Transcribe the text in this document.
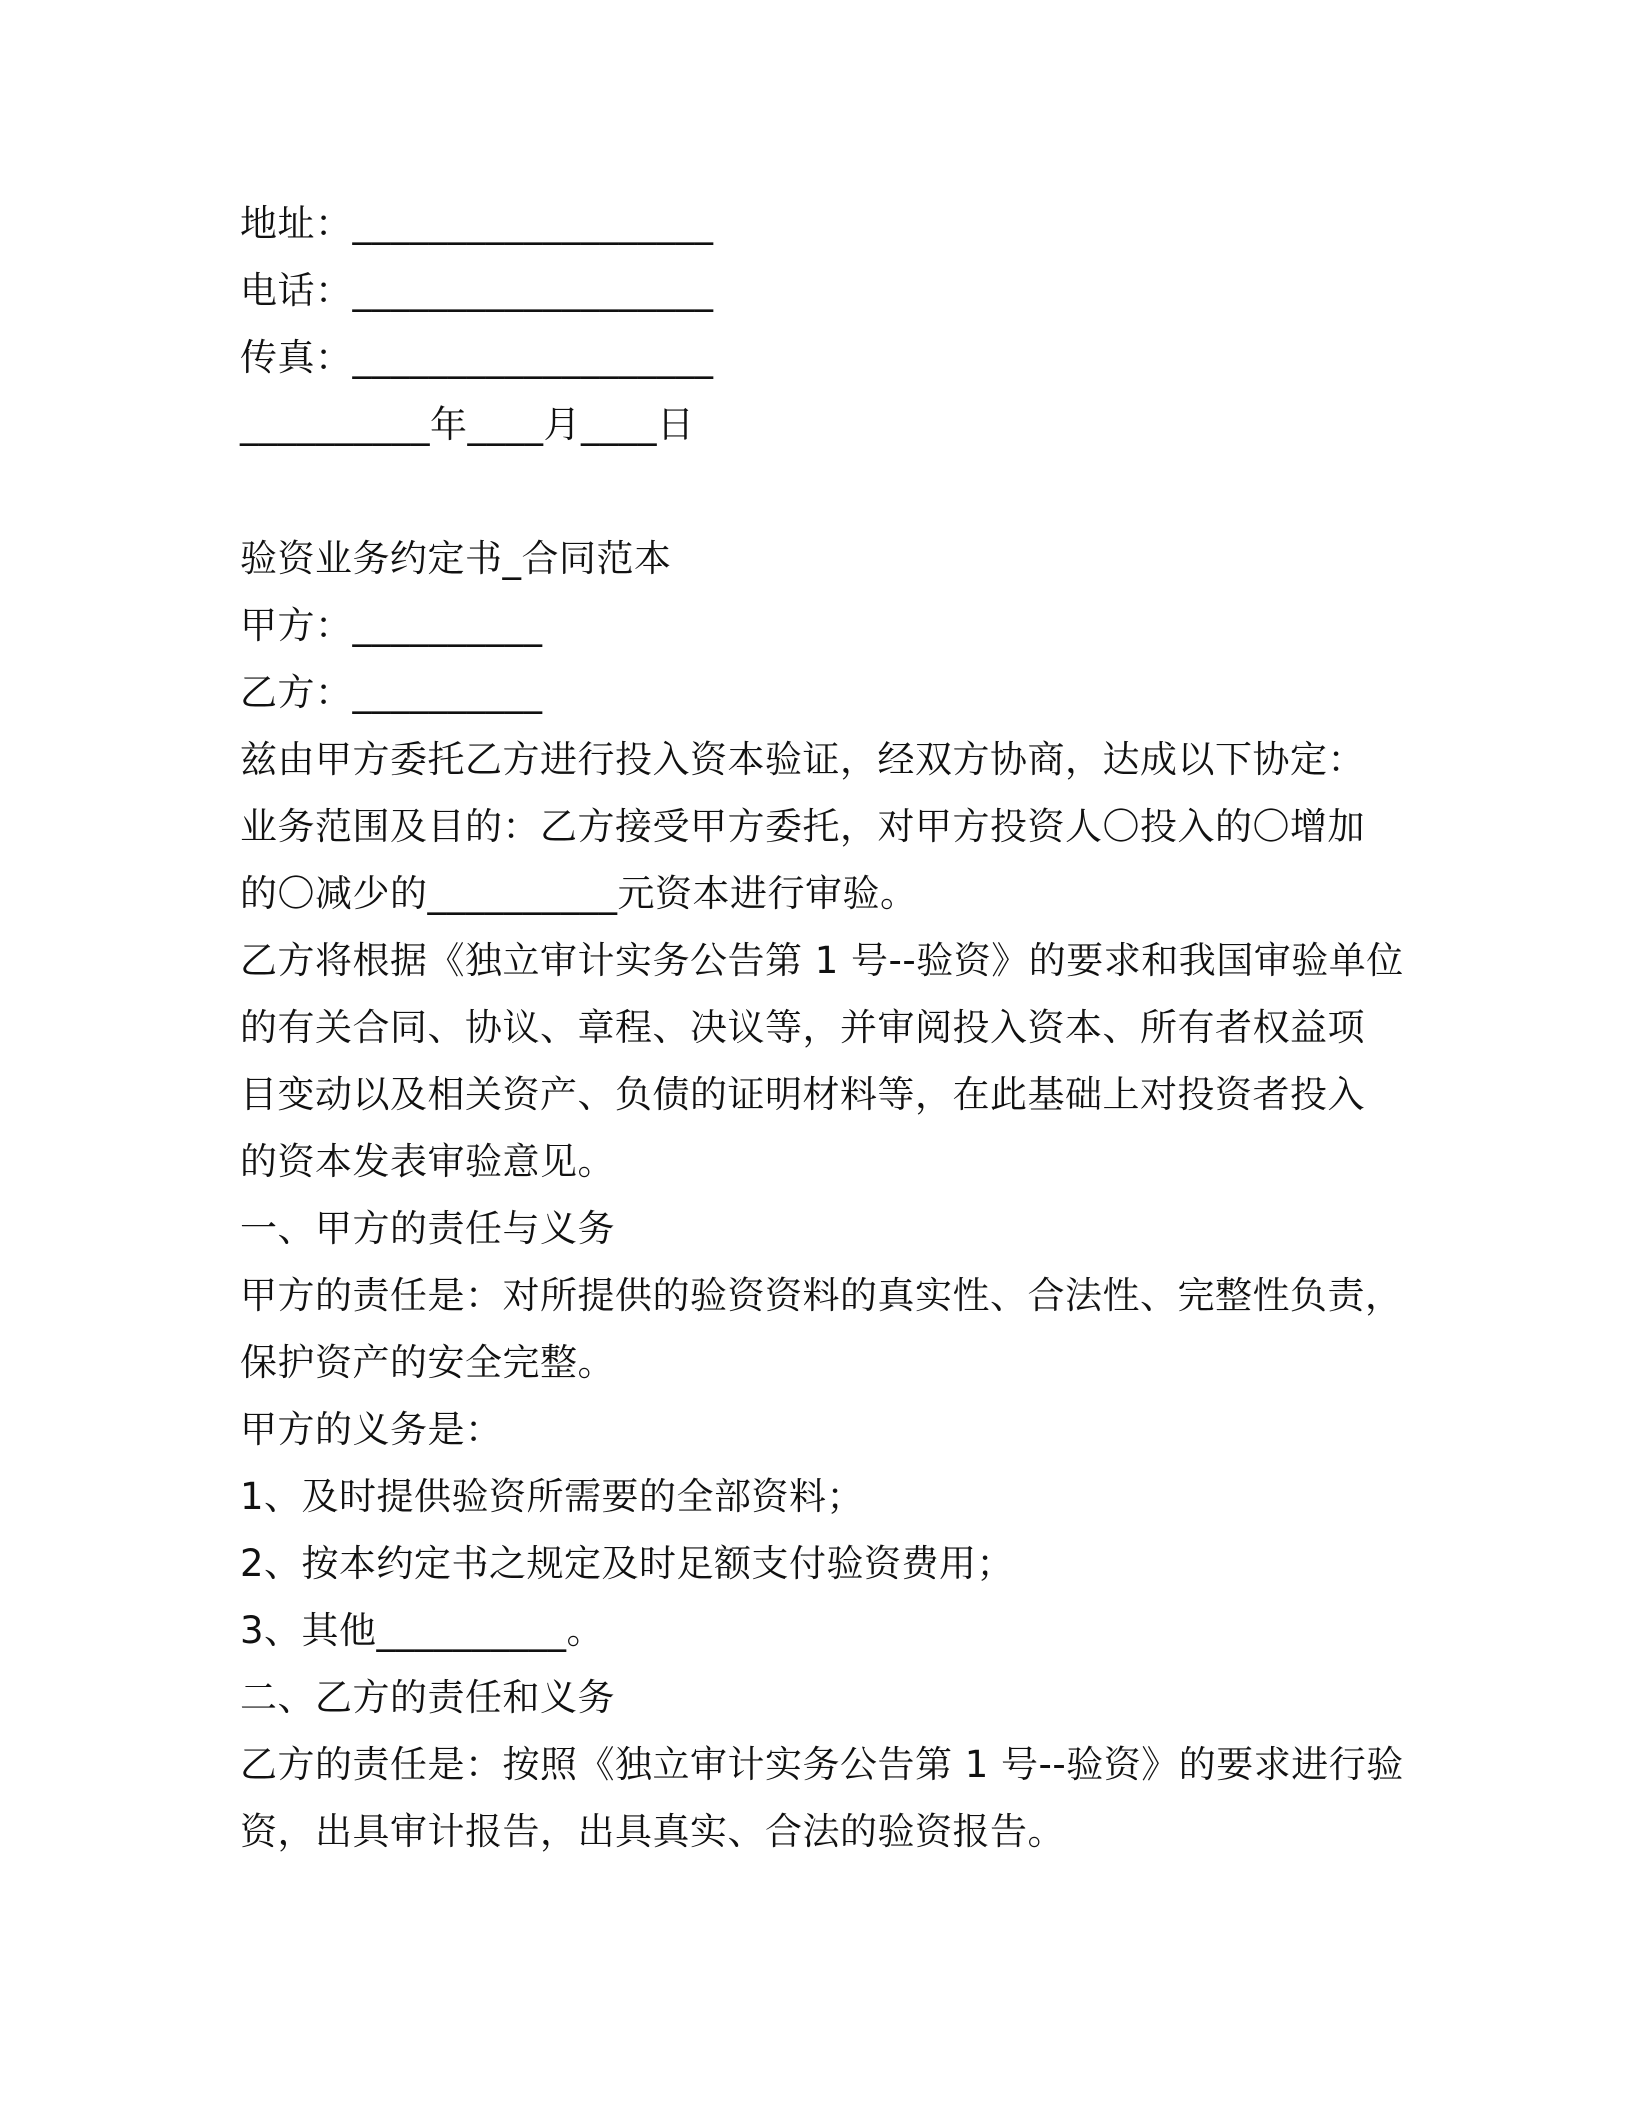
地址：___________________
电话：___________________
传真：___________________
__________年____月____日
验资业务约定书_合同范本
甲方：__________
乙方：__________
兹由甲方委托乙方进行投入资本验证，经双方协商，达成以下协定：
业务范围及目的：乙方接受甲方委托，对甲方投资人〇投入的〇增加
的〇减少的__________元资本进行审验。
乙方将根据《独立审计实务公告第 1 号--验资》的要求和我国审验单位
的有关合同、协议、章程、决议等，并审阅投入资本、所有者权益项
目变动以及相关资产、负债的证明材料等，在此基础上对投资者投入
的资本发表审验意见。
一、甲方的责任与义务
甲方的责任是：对所提供的验资资料的真实性、合法性、完整性负责，
保护资产的安全完整。
甲方的义务是：
1、及时提供验资所需要的全部资料；
2、按本约定书之规定及时足额支付验资费用；
3、其他__________。
二、乙方的责任和义务
乙方的责任是：按照《独立审计实务公告第 1 号--验资》的要求进行验
资，出具审计报告，出具真实、合法的验资报告。
